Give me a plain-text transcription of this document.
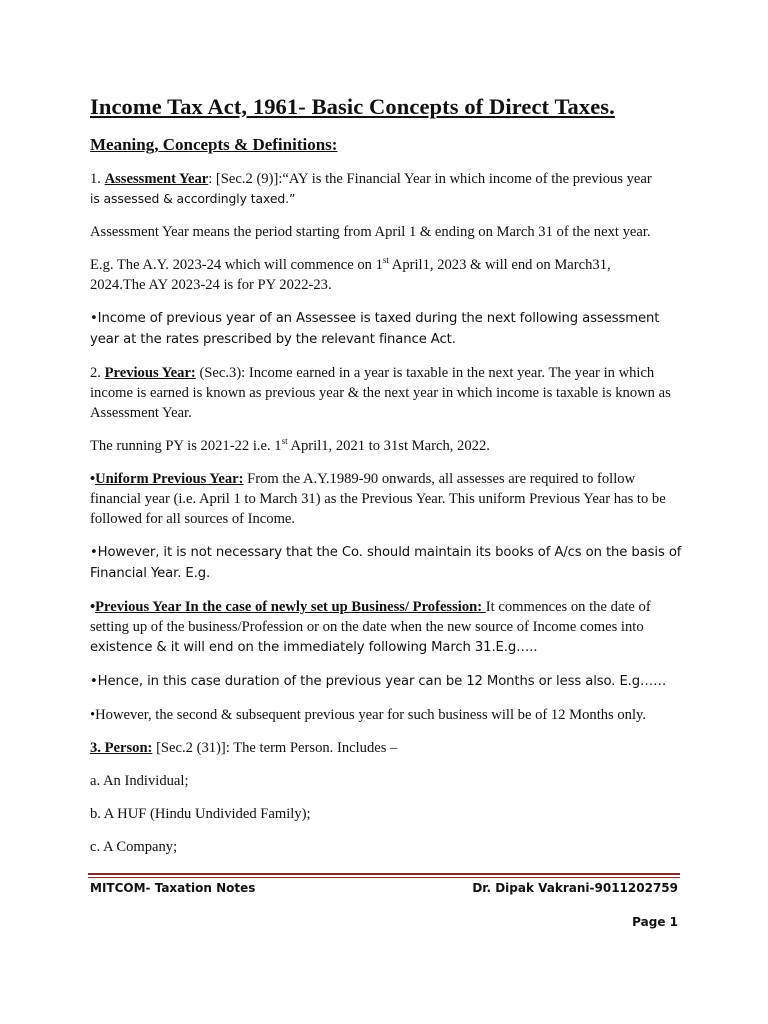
Income Tax Act, 1961- Basic Concepts of Direct Taxes.
Meaning, Concepts & Definitions:

1. Assessment Year: [Sec.2 (9)]:“AY is the Financial Year in which income of the previous year
is assessed & accordingly taxed.”

Assessment Year means the period starting from April 1 & ending on March 31 of the next year.

E.g. The A.Y. 2023-24 which will commence on 1st April1, 2023 & will end on March31,
2024.The AY 2023-24 is for PY 2022-23.

•Income of previous year of an Assessee is taxed during the next following assessment year at the rates prescribed by the relevant finance Act.

2. Previous Year: (Sec.3): Income earned in a year is taxable in the next year. The year in which income is earned is known as previous year & the next year in which income is taxable is known as Assessment Year.

The running PY is 2021-22 i.e. 1st April1, 2021 to 31st March, 2022.

•Uniform Previous Year: From the A.Y.1989-90 onwards, all assesses are required to follow financial year (i.e. April 1 to March 31) as the Previous Year. This uniform Previous Year has to be followed for all sources of Income.

•However, it is not necessary that the Co. should maintain its books of A/cs on the basis of Financial Year. E.g.

•Previous Year In the case of newly set up Business/ Profession: It commences on the date of setting up of the business/Profession or on the date when the new source of Income comes into
existence & it will end on the immediately following March 31.E.g…..

•Hence, in this case duration of the previous year can be 12 Months or less also. E.g……

•However, the second & subsequent previous year for such business will be of 12 Months only.

3. Person: [Sec.2 (31)]: The term Person. Includes –

a. An Individual;

b. A HUF (Hindu Undivided Family);

c. A Company;

MITCOM- Taxation Notes	Dr. Dipak Vakrani-9011202759
Page 1
